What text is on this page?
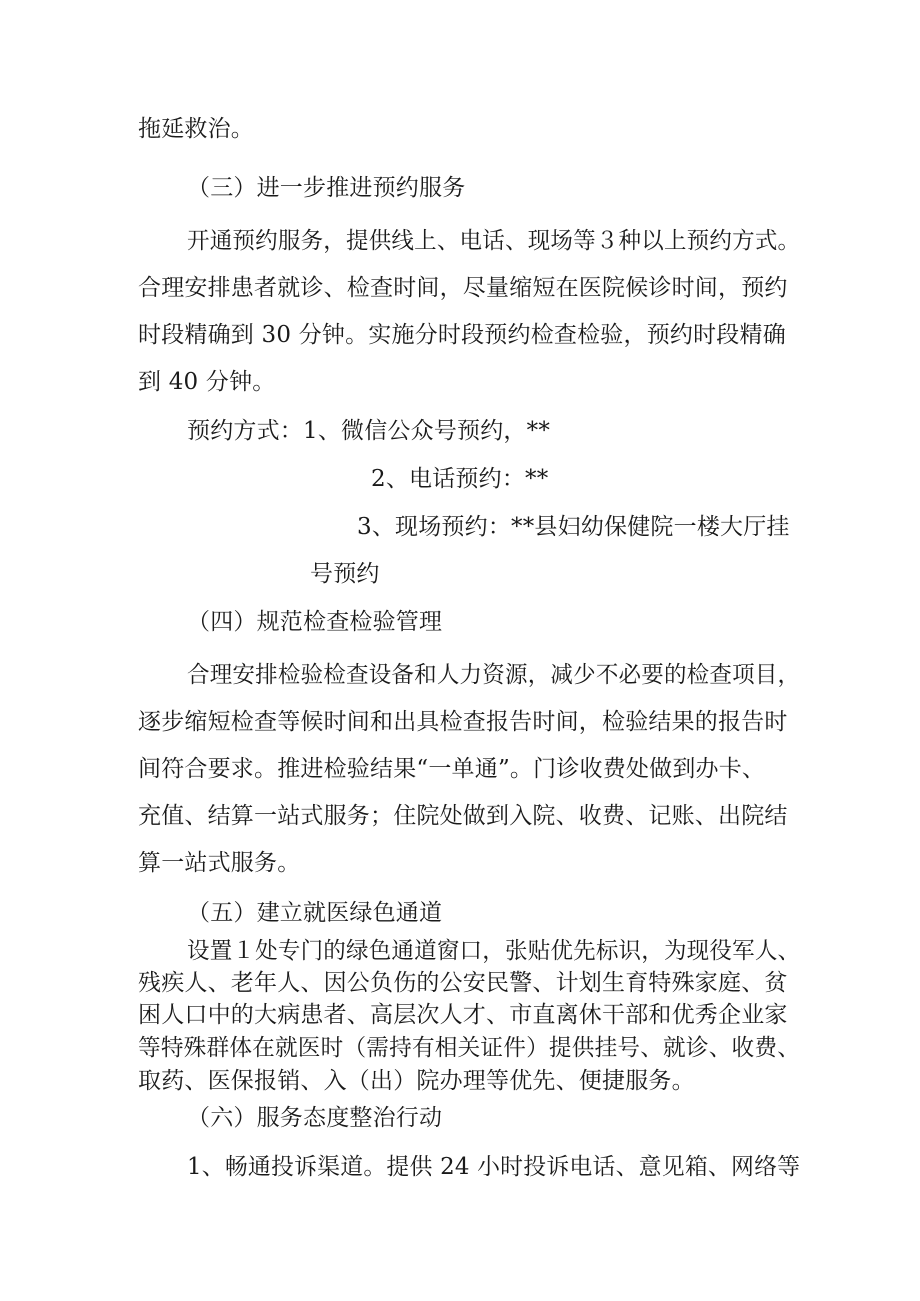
拖延救治。
（三）进一步推进预约服务
开通预约服务，提供线上、电话、现场等３种以上预约方式。
合理安排患者就诊、检查时间，尽量缩短在医院候诊时间，预约
时段精确到 30 分钟。实施分时段预约检查检验，预约时段精确
到 40 分钟。
预约方式：1、微信公众号预约，**
2、电话预约：**
3、现场预约：**县妇幼保健院一楼大厅挂
号预约
（四）规范检查检验管理
合理安排检验检查设备和人力资源，减少不必要的检查项目，
逐步缩短检查等候时间和出具检查报告时间，检验结果的报告时
间符合要求。推进检验结果“一单通”。门诊收费处做到办卡、
充值、结算一站式服务；住院处做到入院、收费、记账、出院结
算一站式服务。
（五）建立就医绿色通道
设置１处专门的绿色通道窗口，张贴优先标识，为现役军人、
残疾人、老年人、因公负伤的公安民警、计划生育特殊家庭、贫
困人口中的大病患者、高层次人才、市直离休干部和优秀企业家
等特殊群体在就医时（需持有相关证件）提供挂号、就诊、收费、
取药、医保报销、入（出）院办理等优先、便捷服务。
（六）服务态度整治行动
1、畅通投诉渠道。提供 24 小时投诉电话、意见箱、网络等
